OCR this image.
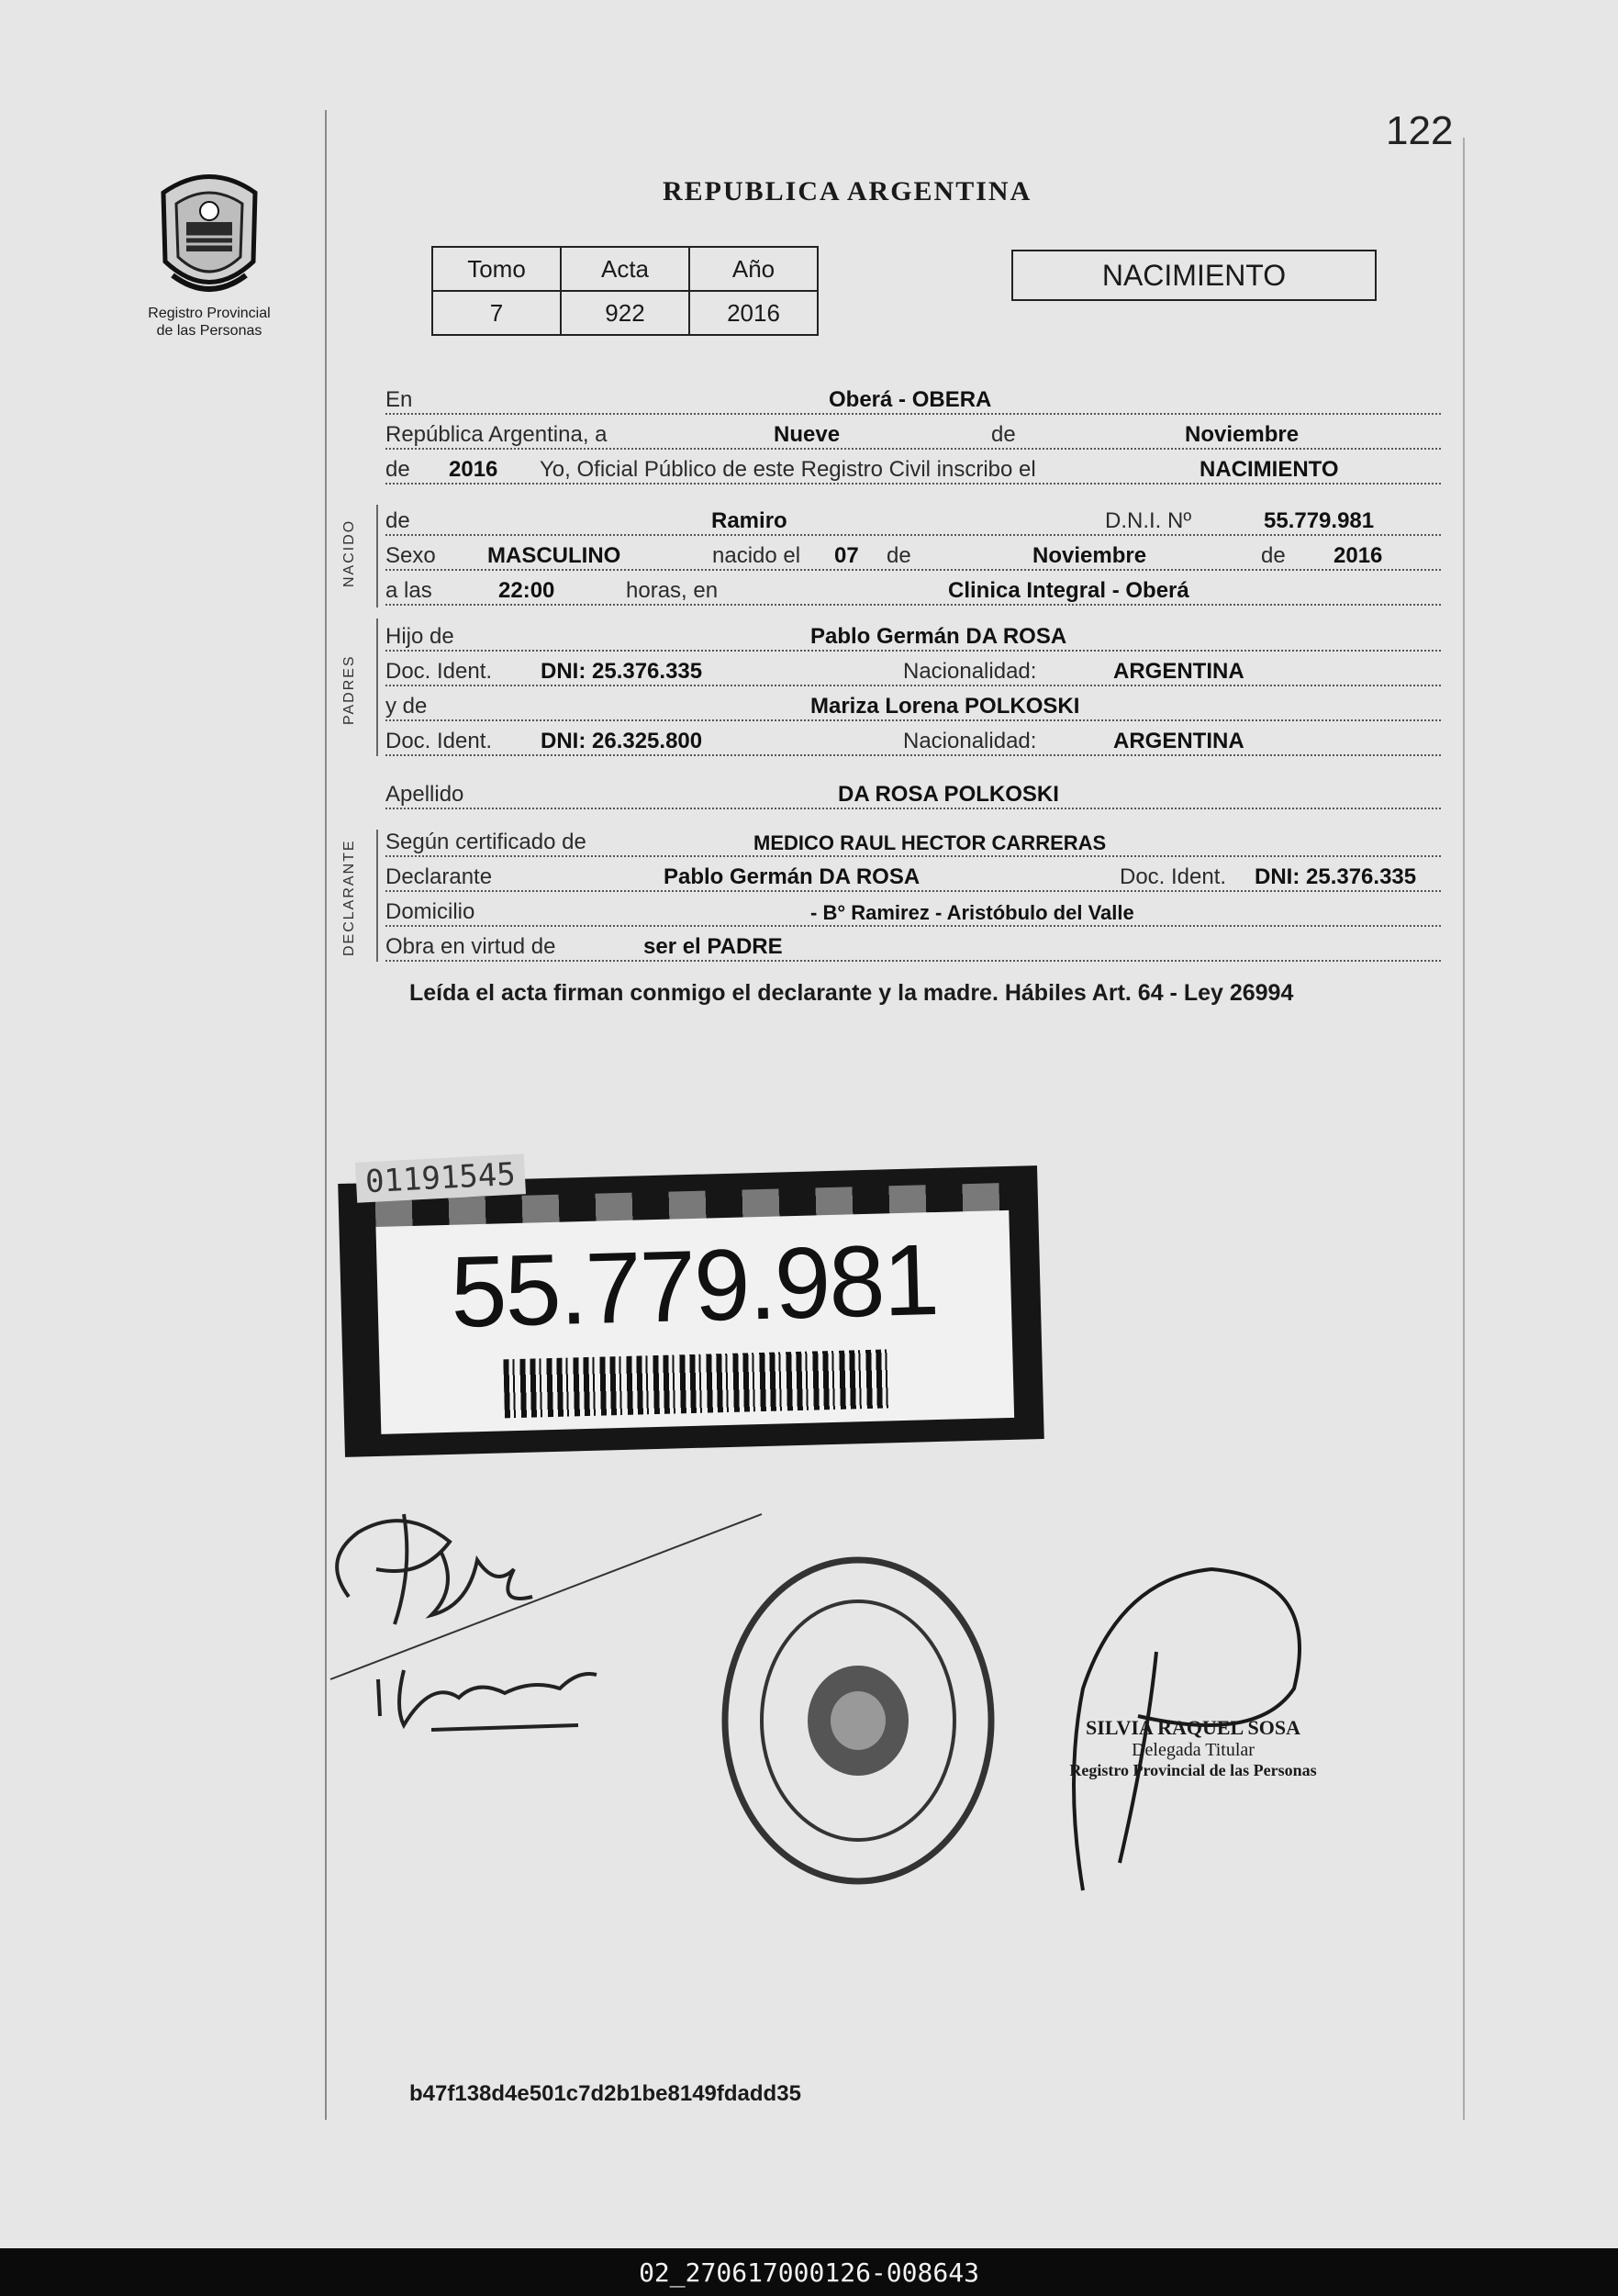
122
Registro Provincial
de las Personas
REPUBLICA ARGENTINA
Tomo	Acta	Año
7	922	2016
NACIMIENTO
En	Oberá - OBERA
República Argentina, a	Nueve	de	Noviembre
de 2016 Yo, Oficial Público de este Registro Civil inscribo el	NACIMIENTO
NACIDO de	Ramiro	D.N.I. Nº	55.779.981
Sexo MASCULINO	nacido el 07 de	Noviembre	de 2016
a las	22:00	horas, en	Clinica Integral - Oberá
PADRES
Hijo de	Pablo Germán DA ROSA
Doc. Ident. DNI: 25.376.335	Nacionalidad:	ARGENTINA
y de	Mariza Lorena POLKOSKI
Doc. Ident. DNI: 26.325.800	Nacionalidad:	ARGENTINA
Apellido	DA ROSA POLKOSKI
DECLARANTE Según certificado de	MEDICO RAUL HECTOR CARRERAS
Declarante	Pablo Germán DA ROSA	Doc. Ident. DNI: 25.376.335
Domicilio	- B° Ramirez - Aristóbulo del Valle
Obra en virtud de	ser el PADRE
Leída el acta firman conmigo el declarante y la madre. Hábiles Art. 64 - Ley 26994
55.779.981
01191545
SILVIA RAQUEL SOSA
Delegada Titular
Registro Provincial de las Personas
b47f138d4e501c7d2b1be8149fdadd35
02_270617000126-008643
